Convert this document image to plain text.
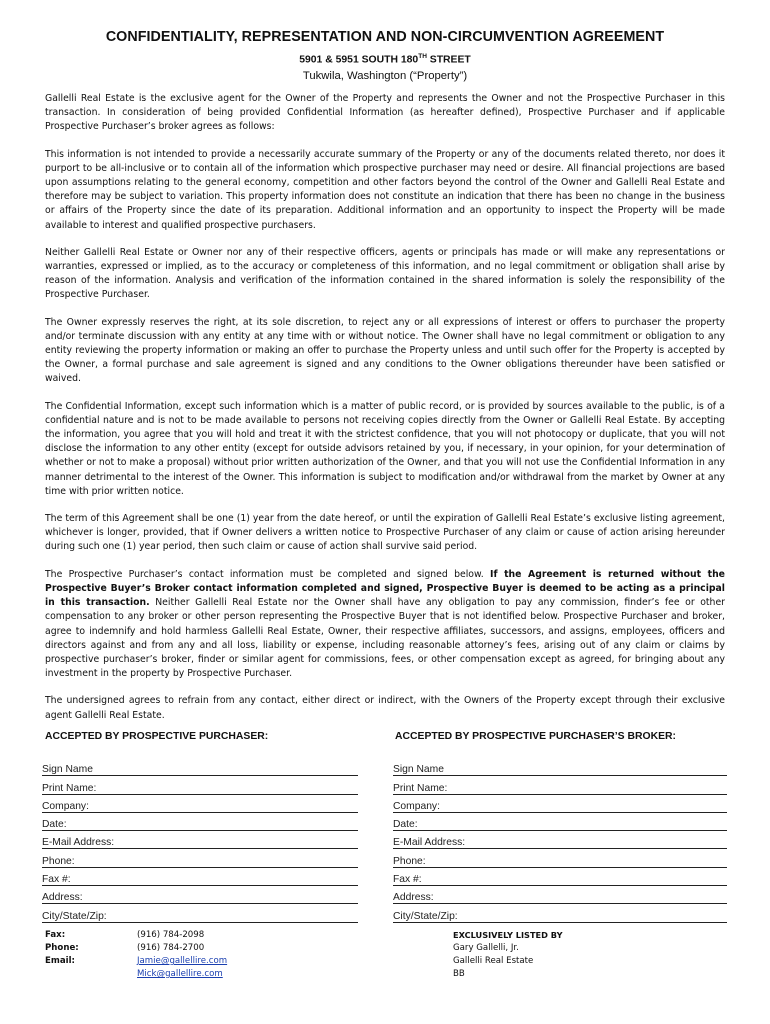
CONFIDENTIALITY, REPRESENTATION AND NON-CIRCUMVENTION AGREEMENT
5901 & 5951 SOUTH 180TH STREET
Tukwila, Washington (“Property”)

Gallelli Real Estate is the exclusive agent for the Owner of the Property and represents the Owner and not the Prospective Purchaser in this transaction. In consideration of being provided Confidential Information (as hereafter defined), Prospective Purchaser and if applicable Prospective Purchaser’s broker agrees as follows:

This information is not intended to provide a necessarily accurate summary of the Property or any of the documents related thereto, nor does it purport to be all-inclusive or to contain all of the information which prospective purchaser may need or desire. All financial projections are based upon assumptions relating to the general economy, competition and other factors beyond the control of the Owner and Gallelli Real Estate and therefore may be subject to variation. This property information does not constitute an indication that there has been no change in the business or affairs of the Property since the date of its preparation. Additional information and an opportunity to inspect the Property will be made available to interest and qualified prospective purchasers.

Neither Gallelli Real Estate or Owner nor any of their respective officers, agents or principals has made or will make any representations or warranties, expressed or implied, as to the accuracy or completeness of this information, and no legal commitment or obligation shall arise by reason of the information. Analysis and verification of the information contained in the shared information is solely the responsibility of the Prospective Purchaser.

The Owner expressly reserves the right, at its sole discretion, to reject any or all expressions of interest or offers to purchaser the property and/or terminate discussion with any entity at any time with or without notice. The Owner shall have no legal commitment or obligation to any entity reviewing the property information or making an offer to purchase the Property unless and until such offer for the Property is accepted by the Owner, a formal purchase and sale agreement is signed and any conditions to the Owner obligations thereunder have been satisfied or waived.

The Confidential Information, except such information which is a matter of public record, or is provided by sources available to the public, is of a confidential nature and is not to be made available to persons not receiving copies directly from the Owner or Gallelli Real Estate. By accepting the information, you agree that you will hold and treat it with the strictest confidence, that you will not photocopy or duplicate, that you will not disclose the information to any other entity (except for outside advisors retained by you, if necessary, in your opinion, for your determination of whether or not to make a proposal) without prior written authorization of the Owner, and that you will not use the Confidential Information in any manner detrimental to the interest of the Owner. This information is subject to modification and/or withdrawal from the market by Owner at any time with prior written notice.

The term of this Agreement shall be one (1) year from the date hereof, or until the expiration of Gallelli Real Estate’s exclusive listing agreement, whichever is longer, provided, that if Owner delivers a written notice to Prospective Purchaser of any claim or cause of action arising hereunder during such one (1) year period, then such claim or cause of action shall survive said period.

The Prospective Purchaser’s contact information must be completed and signed below. If the Agreement is returned without the Prospective Buyer’s Broker contact information completed and signed, Prospective Buyer is deemed to be acting as a principal in this transaction. Neither Gallelli Real Estate nor the Owner shall have any obligation to pay any commission, finder’s fee or other compensation to any broker or other person representing the Prospective Buyer that is not identified below. Prospective Purchaser and broker, agree to indemnify and hold harmless Gallelli Real Estate, Owner, their respective affiliates, successors, and assigns, employees, officers and directors against and from any and all loss, liability or expense, including reasonable attorney’s fees, arising out of any claim or claims by prospective purchaser’s broker, finder or similar agent for commissions, fees, or other compensation except as agreed, for bringing about any investment in the property by Prospective Purchaser.

The undersigned agrees to refrain from any contact, either direct or indirect, with the Owners of the Property except through their exclusive agent Gallelli Real Estate.

ACCEPTED BY PROSPECTIVE PURCHASER:	ACCEPTED BY PROSPECTIVE PURCHASER’S BROKER:
Sign Name
Print Name:
Company:
Date:
E-Mail Address:
Phone:
Fax #:
Address:
City/State/Zip:
Sign Name
Print Name:
Company:
Date:
E-Mail Address:
Phone:
Fax #:
Address:
City/State/Zip:
Fax:	(916) 784-2098
Phone:	(916) 784-2700
Email:	Jamie@gallellire.com
Mick@gallellire.com
EXCLUSIVELY LISTED BY
Gary Gallelli, Jr.
Gallelli Real Estate
BB
